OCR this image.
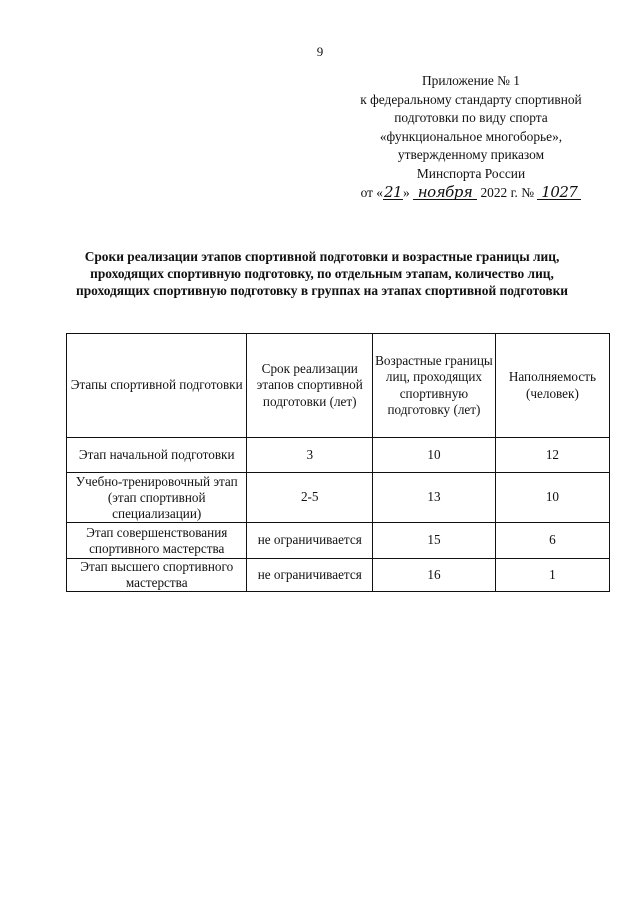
9
Приложение № 1
к федеральному стандарту спортивной
подготовки по виду спорта
«функциональное многоборье»,
утвержденному приказом
Минспорта России
от «21» ноября 2022 г. № 1027
Сроки реализации этапов спортивной подготовки и возрастные границы лиц, проходящих спортивную подготовку, по отдельным этапам, количество лиц, проходящих спортивную подготовку в группах на этапах спортивной подготовки
Этапы спортивной подготовки	Срок реализации этапов спортивной подготовки (лет)	Возрастные границы лиц, проходящих спортивную подготовку (лет)	Наполняемость (человек)
Этап начальной подготовки	3	10	12
Учебно-тренировочный этап (этап спортивной специализации)	2-5	13	10
Этап совершенствования спортивного мастерства	не ограничивается	15	6
Этап высшего спортивного мастерства	не ограничивается	16	1
